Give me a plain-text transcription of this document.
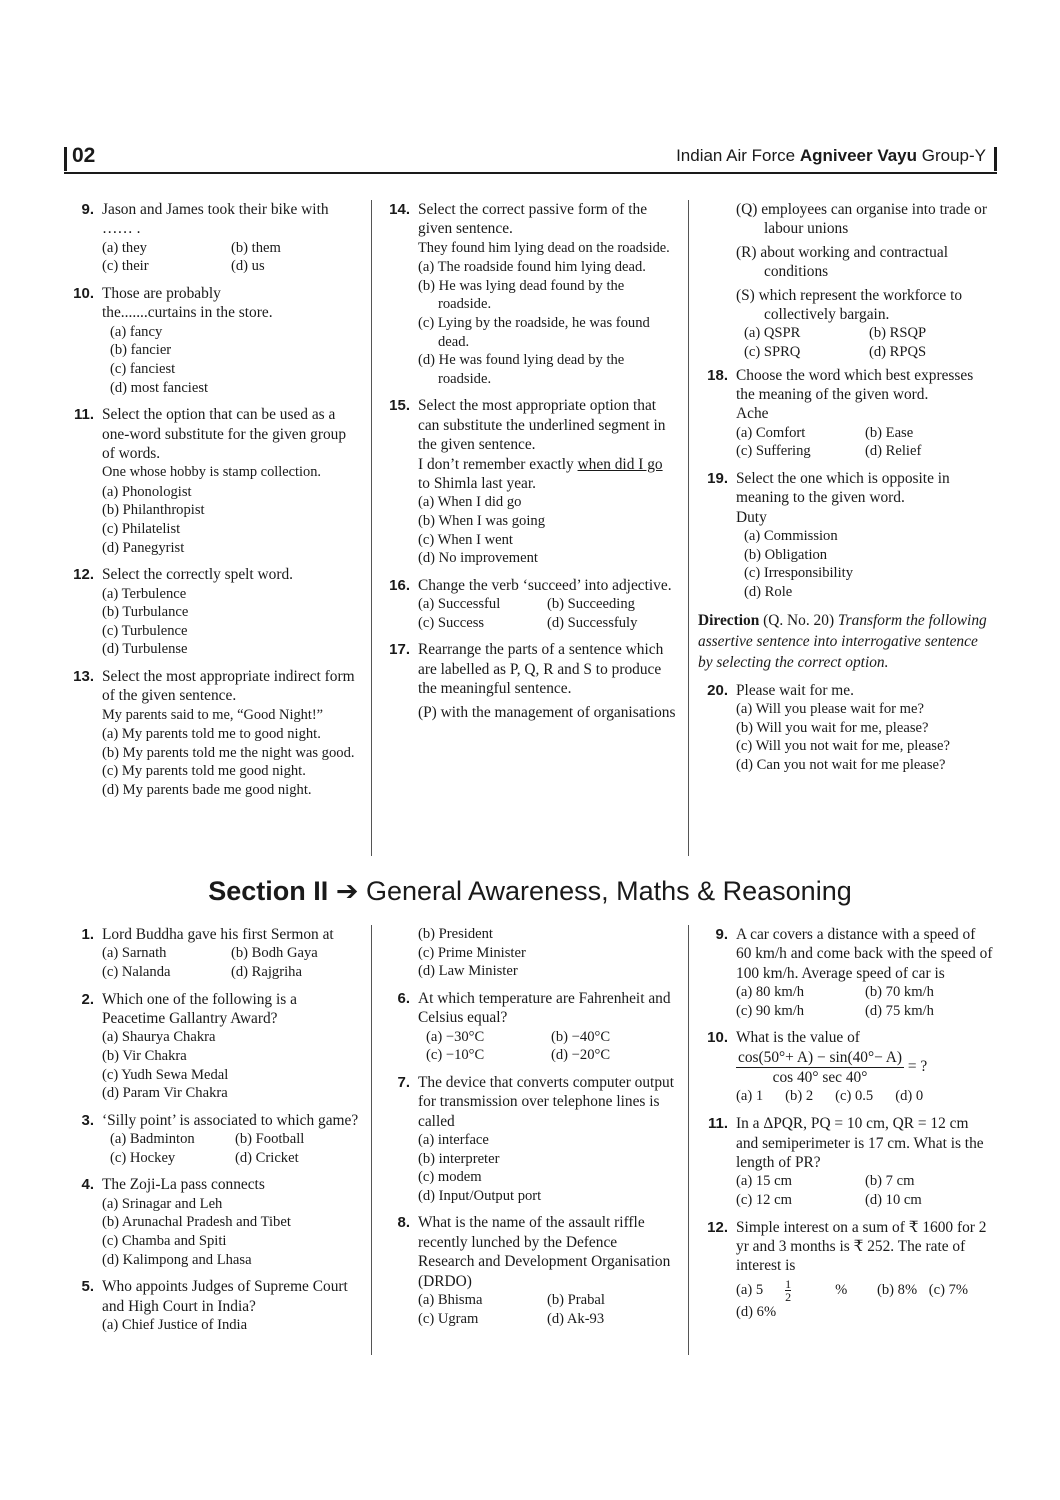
02	Indian Air Force Agniveer Vayu Group-Y
9. Jason and James took their bike with …… .
(a) they	(b) them
(c) their	(d) us
10. Those are probably
the.......curtains in the store.
(a) fancy
(b) fancier
(c) fanciest
(d) most fanciest
11. Select the option that can be used as a one-word substitute for the given group of words.
One whose hobby is stamp collection.
(a) Phonologist
(b) Philanthropist
(c) Philatelist
(d) Panegyrist
12. Select the correctly spelt word.
(a) Terbulence
(b) Turbulance
(c) Turbulence
(d) Turbulense
13. Select the most appropriate indirect form of the given sentence.
My parents said to me, “Good Night!”
(a) My parents told me to good night.
(b) My parents told me the night was good.
(c) My parents told me good night.
(d) My parents bade me good night.
14. Select the correct passive form of the given sentence.
They found him lying dead on the roadside.
(a) The roadside found him lying dead.
(b) He was lying dead found by the roadside.
(c) Lying by the roadside, he was found dead.
(d) He was found lying dead by the roadside.
15. Select the most appropriate option that can substitute the underlined segment in the given sentence.
I don’t remember exactly when did I go to Shimla last year.
(a) When I did go
(b) When I was going
(c) When I went
(d) No improvement
16. Change the verb ‘succeed’ into adjective.
(a) Successful	(b) Succeeding
(c) Success	(d) Successfuly
17. Rearrange the parts of a sentence which are labelled as P, Q, R and S to produce the meaningful sentence.
(P) with the management of organisations
(Q) employees can organise into trade or labour unions
(R) about working and contractual conditions
(S) which represent the workforce to collectively bargain.
(a) QSPR	(b) RSQP
(c) SPRQ	(d) RPQS
18. Choose the word which best expresses the meaning of the given word.
Ache
(a) Comfort	(b) Ease
(c) Suffering	(d) Relief
19. Select the one which is opposite in meaning to the given word.
Duty
(a) Commission
(b) Obligation
(c) Irresponsibility
(d) Role
Direction (Q. No. 20) Transform the following assertive sentence into interrogative sentence by selecting the correct option.
20. Please wait for me.
(a) Will you please wait for me?
(b) Will you wait for me, please?
(c) Will you not wait for me, please?
(d) Can you not wait for me please?
Section II ➔ General Awareness, Maths & Reasoning
1. Lord Buddha gave his first Sermon at
(a) Sarnath	(b) Bodh Gaya
(c) Nalanda	(d) Rajgriha
2. Which one of the following is a Peacetime Gallantry Award?
(a) Shaurya Chakra
(b) Vir Chakra
(c) Yudh Sewa Medal
(d) Param Vir Chakra
3. ‘Silly point’ is associated to which game?
(a) Badminton	(b) Football
(c) Hockey	(d) Cricket
4. The Zoji-La pass connects
(a) Srinagar and Leh
(b) Arunachal Pradesh and Tibet
(c) Chamba and Spiti
(d) Kalimpong and Lhasa
5. Who appoints Judges of Supreme Court and High Court in India?
(a) Chief Justice of India
(b) President
(c) Prime Minister
(d) Law Minister
6. At which temperature are Fahrenheit and Celsius equal?
(a) −30°C	(b) −40°C
(c) −10°C	(d) −20°C
7. The device that converts computer output for transmission over telephone lines is called
(a) interface
(b) interpreter
(c) modem
(d) Input/Output port
8. What is the name of the assault riffle recently lunched by the Defence Research and Development Organisation (DRDO)
(a) Bhisma	(b) Prabal
(c) Ugram	(d) Ak-93
9. A car covers a distance with a speed of 60 km/h and come back with the speed of 100 km/h. Average speed of car is
(a) 80 km/h	(b) 70 km/h
(c) 90 km/h	(d) 75 km/h
10. What is the value of
cos(50°+ A) − sin(40°− A)
cos 40° sec 40°
= ?
(a) 1 (b) 2 (c) 0.5 (d) 0
11. In a ΔPQR, PQ = 10 cm, QR = 12 cm and semiperimeter is 17 cm. What is the length of PR?
(a) 15 cm	(b) 7 cm
(c) 12 cm	(d) 10 cm
12. Simple interest on a sum of ₹ 1600 for 2 yr and 3 months is ₹ 252. The rate of interest is
(a) $5 \frac{1}{2}$ % (b) 8% (c) 7% (d) 6%
